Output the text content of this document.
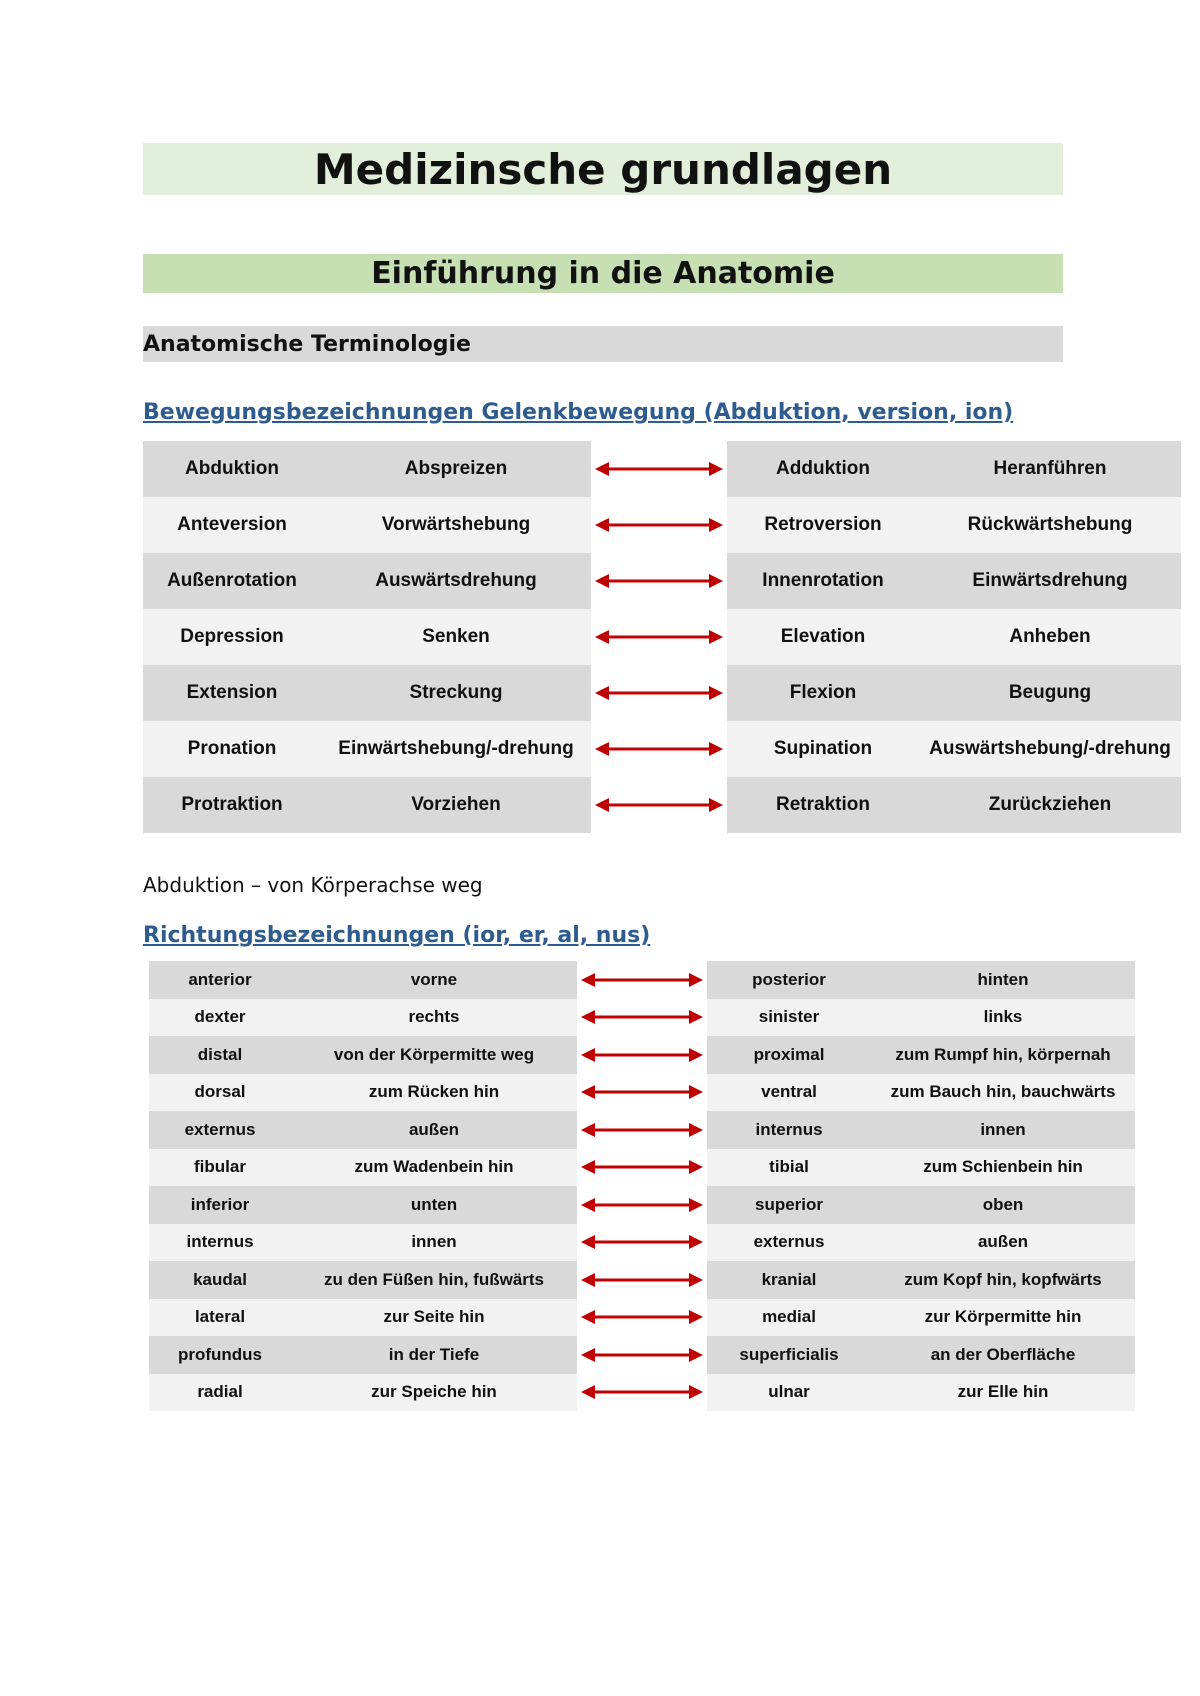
Medizinsche grundlagen
Einführung in die Anatomie
Anatomische Terminologie
Bewegungsbezeichnungen Gelenkbewegung (Abduktion, version, ion)
Abduktion	Abspreizen	Adduktion	Heranführen
Anteversion	Vorwärtshebung	Retroversion	Rückwärtshebung
Außenrotation	Auswärtsdrehung	Innenrotation	Einwärtsdrehung
Depression	Senken	Elevation	Anheben
Extension	Streckung	Flexion	Beugung
Pronation	Einwärtshebung/-drehung	Supination	Auswärtshebung/-drehung
Protraktion	Vorziehen	Retraktion	Zurückziehen
Abduktion – von Körperachse weg
Richtungsbezeichnungen (ior, er, al, nus)
anterior	vorne	posterior	hinten
dexter	rechts	sinister	links
distal	von der Körpermitte weg	proximal	zum Rumpf hin, körpernah
dorsal	zum Rücken hin	ventral	zum Bauch hin, bauchwärts
externus	außen	internus	innen
fibular	zum Wadenbein hin	tibial	zum Schienbein hin
inferior	unten	superior	oben
internus	innen	externus	außen
kaudal	zu den Füßen hin, fußwärts	kranial	zum Kopf hin, kopfwärts
lateral	zur Seite hin	medial	zur Körpermitte hin
profundus	in der Tiefe	superficialis	an der Oberfläche
radial	zur Speiche hin	ulnar	zur Elle hin
